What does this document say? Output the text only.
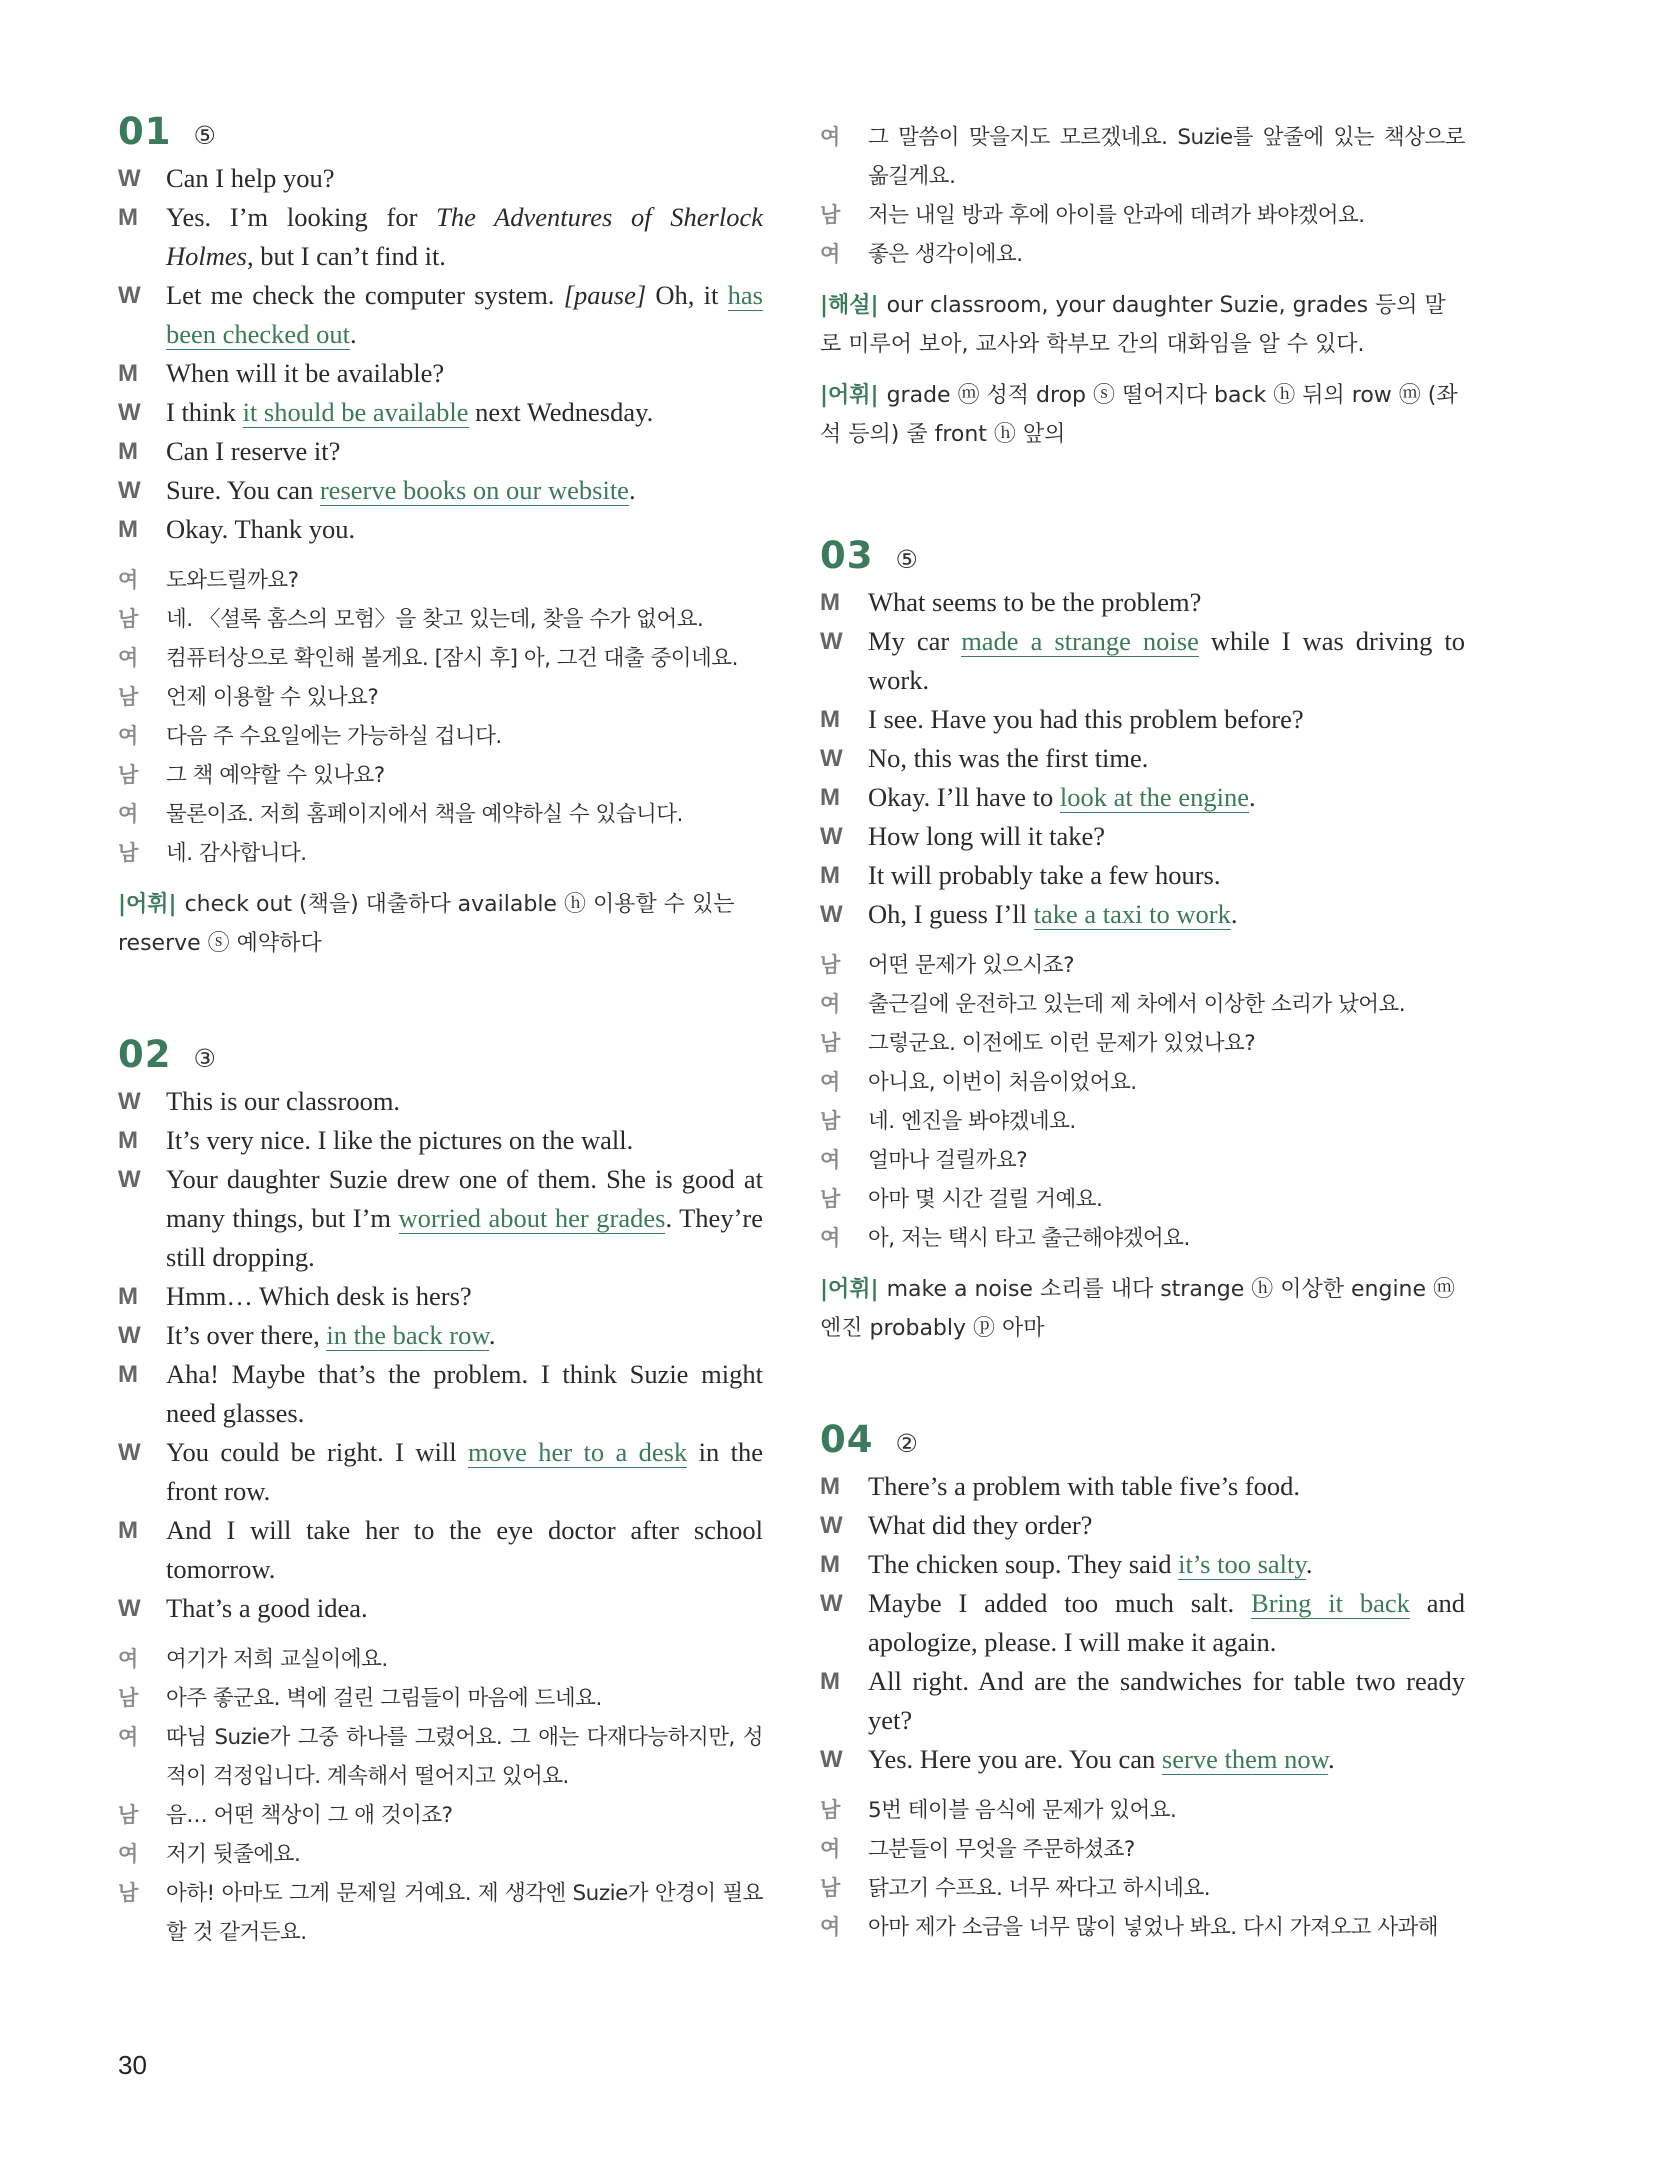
01 ⑤
W Can I help you?
M	Yes. I’m looking for The Adventures of Sherlock Holmes, but I can’t find it.
W Let me check the computer system. [pause] Oh, it has been checked out.
M	When will it be available?
W I think it should be available next Wednesday.
M	Can I reserve it?
W Sure. You can reserve books on our website.
M	Okay. Thank you.
여	도와드릴까요?
남	네. 〈셜록 홈스의 모험〉을 찾고 있는데, 찾을 수가 없어요.
여	컴퓨터상으로 확인해 볼게요. [잠시 후] 아, 그건 대출 중이네요.
남	언제 이용할 수 있나요?
여	다음 주 수요일에는 가능하실 겁니다.
남	그 책 예약할 수 있나요?
여	물론이죠. 저희 홈페이지에서 책을 예약하실 수 있습니다.
남	네. 감사합니다.
|어휘| check out (책을) 대출하다 available ⓗ 이용할 수 있는 reserve ⓢ 예약하다
02 ③
W This is our classroom.
M	It’s very nice. I like the pictures on the wall.
W Your daughter Suzie drew one of them. She is good at many things, but I’m worried about her grades. They’re still dropping.
M	Hmm… Which desk is hers?
W It’s over there, in the back row.
M	Aha! Maybe that’s the problem. I think Suzie might need glasses.
W You could be right. I will move her to a desk in the front row.
M	And I will take her to the eye doctor after school tomorrow.
W That’s a good idea.
여	여기가 저희 교실이에요.
남	아주 좋군요. 벽에 걸린 그림들이 마음에 드네요.
여	따님 Suzie가 그중 하나를 그렸어요. 그 애는 다재다능하지만, 성적이 걱정입니다. 계속해서 떨어지고 있어요.
남	음… 어떤 책상이 그 애 것이죠?
여	저기 뒷줄에요.
남	아하! 아마도 그게 문제일 거예요. 제 생각엔 Suzie가 안경이 필요할 것 같거든요.
여	그 말씀이 맞을지도 모르겠네요. Suzie를 앞줄에 있는 책상으로 옮길게요.
남	저는 내일 방과 후에 아이를 안과에 데려가 봐야겠어요.
여	좋은 생각이에요.
|해설| our classroom, your daughter Suzie, grades 등의 말로 미루어 보아, 교사와 학부모 간의 대화임을 알 수 있다.
|어휘| grade ⓜ 성적 drop ⓢ 떨어지다 back ⓗ 뒤의 row ⓜ (좌석 등의) 줄 front ⓗ 앞의
03 ⑤
M	What seems to be the problem?
W My car made a strange noise while I was driving to work.
M	I see. Have you had this problem before?
W No, this was the first time.
M	Okay. I’ll have to look at the engine.
W How long will it take?
M	It will probably take a few hours.
W Oh, I guess I’ll take a taxi to work.
남	어떤 문제가 있으시죠?
여	출근길에 운전하고 있는데 제 차에서 이상한 소리가 났어요.
남	그렇군요. 이전에도 이런 문제가 있었나요?
여	아니요, 이번이 처음이었어요.
남	네. 엔진을 봐야겠네요.
여	얼마나 걸릴까요?
남	아마 몇 시간 걸릴 거예요.
여	아, 저는 택시 타고 출근해야겠어요.
|어휘| make a noise 소리를 내다 strange ⓗ 이상한 engine ⓜ 엔진 probably ⓟ 아마
04 ②
M	There’s a problem with table five’s food.
W What did they order?
M	The chicken soup. They said it’s too salty.
W Maybe I added too much salt. Bring it back and apologize, please. I will make it again.
M	All right. And are the sandwiches for table two ready yet?
W Yes. Here you are. You can serve them now.
남	5번 테이블 음식에 문제가 있어요.
여	그분들이 무엇을 주문하셨죠?
남	닭고기 수프요. 너무 짜다고 하시네요.
여	아마 제가 소금을 너무 많이 넣었나 봐요. 다시 가져오고 사과해
30
